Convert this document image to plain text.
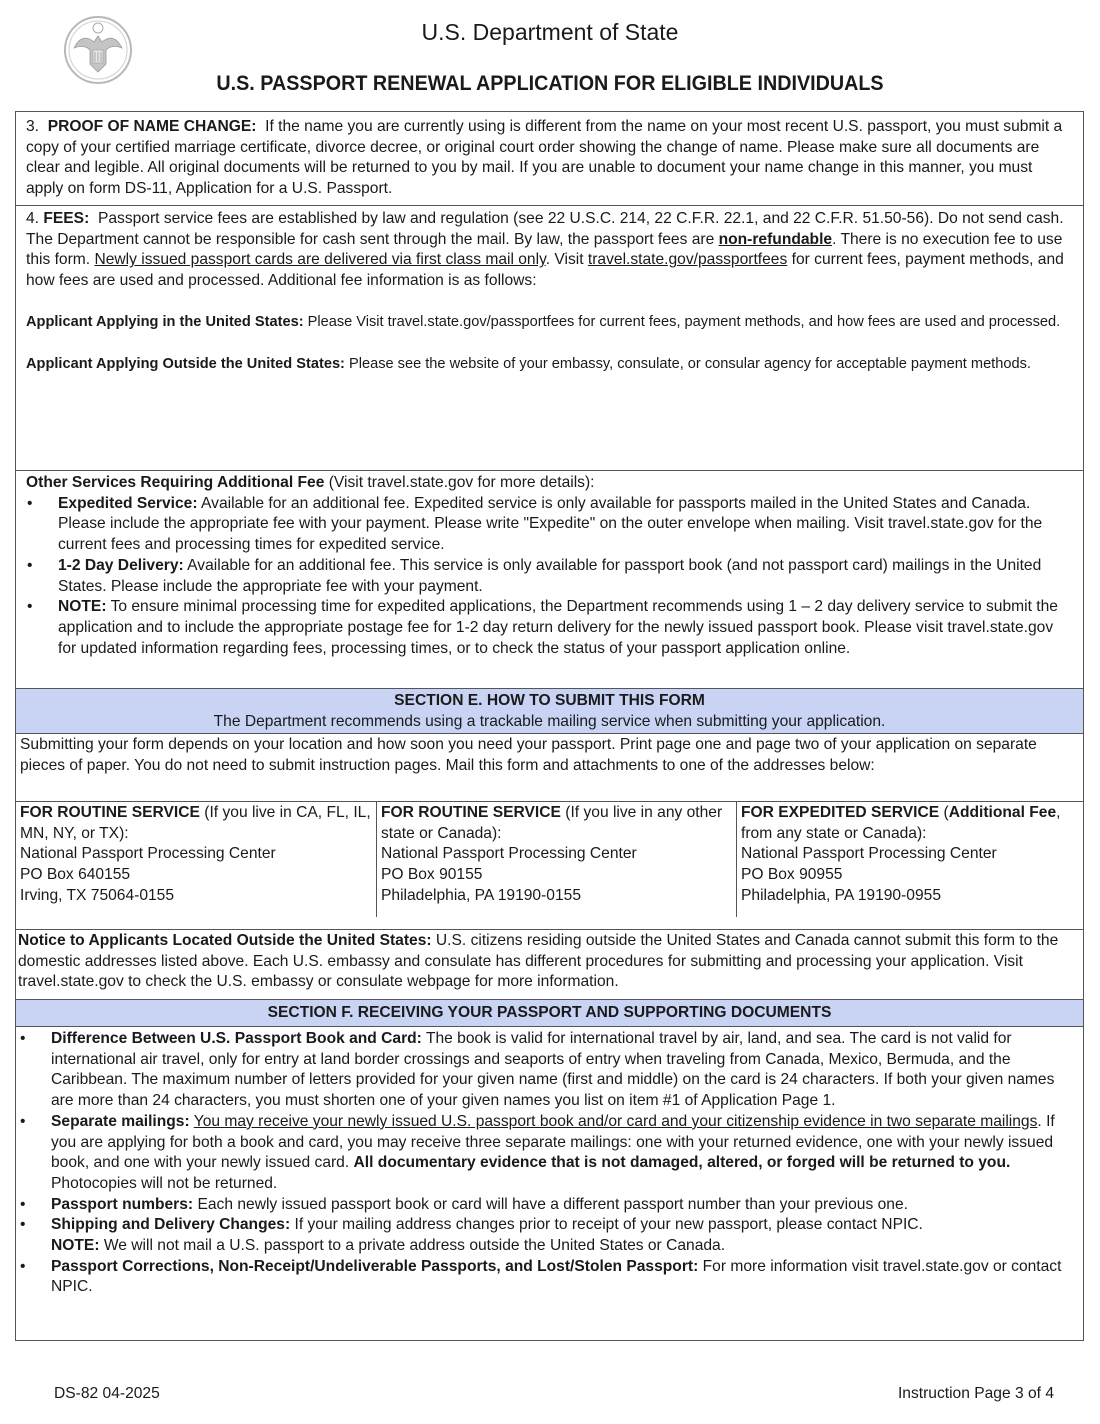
U.S. Department of State
U.S. PASSPORT RENEWAL APPLICATION FOR ELIGIBLE INDIVIDUALS

3. PROOF OF NAME CHANGE: If the name you are currently using is different from the name on your most recent U.S. passport, you must submit a copy of your certified marriage certificate, divorce decree, or original court order showing the change of name. Please make sure all documents are clear and legible. All original documents will be returned to you by mail. If you are unable to document your name change in this manner, you must apply on form DS-11, Application for a U.S. Passport.

4. FEES: Passport service fees are established by law and regulation (see 22 U.S.C. 214, 22 C.F.R. 22.1, and 22 C.F.R. 51.50-56). Do not send cash. The Department cannot be responsible for cash sent through the mail. By law, the passport fees are non-refundable. There is no execution fee to use this form. Newly issued passport cards are delivered via first class mail only. Visit travel.state.gov/passportfees for current fees, payment methods, and how fees are used and processed. Additional fee information is as follows:

Applicant Applying in the United States: Please Visit travel.state.gov/passportfees for current fees, payment methods, and how fees are used and processed.

Applicant Applying Outside the United States: Please see the website of your embassy, consulate, or consular agency for acceptable payment methods.

Other Services Requiring Additional Fee (Visit travel.state.gov for more details):

• Expedited Service: Available for an additional fee. Expedited service is only available for passports mailed in the United States and Canada. Please include the appropriate fee with your payment. Please write "Expedite" on the outer envelope when mailing. Visit travel.state.gov for the current fees and processing times for expedited service.
• 1-2 Day Delivery: Available for an additional fee. This service is only available for passport book (and not passport card) mailings in the United States. Please include the appropriate fee with your payment.
• NOTE: To ensure minimal processing time for expedited applications, the Department recommends using 1 – 2 day delivery service to submit the application and to include the appropriate postage fee for 1-2 day return delivery for the newly issued passport book. Please visit travel.state.gov for updated information regarding fees, processing times, or to check the status of your passport application online.
SECTION E. HOW TO SUBMIT THIS FORM
The Department recommends using a trackable mailing service when submitting your application.

Submitting your form depends on your location and how soon you need your passport. Print page one and page two of your application on separate pieces of paper. You do not need to submit instruction pages. Mail this form and attachments to one of the addresses below:

FOR ROUTINE SERVICE (If you live in CA, FL, IL, MN, NY, or TX):
National Passport Processing Center
PO Box 640155
Irving, TX 75064-0155
FOR ROUTINE SERVICE (If you live in any other state or Canada):
National Passport Processing Center
PO Box 90155
Philadelphia, PA 19190-0155
FOR EXPEDITED SERVICE (Additional Fee, from any state or Canada):
National Passport Processing Center
PO Box 90955
Philadelphia, PA 19190-0955

Notice to Applicants Located Outside the United States: U.S. citizens residing outside the United States and Canada cannot submit this form to the domestic addresses listed above. Each U.S. embassy and consulate has different procedures for submitting and processing your application. Visit travel.state.gov to check the U.S. embassy or consulate webpage for more information.

SECTION F. RECEIVING YOUR PASSPORT AND SUPPORTING DOCUMENTS
• Difference Between U.S. Passport Book and Card: The book is valid for international travel by air, land, and sea. The card is not valid for international air travel, only for entry at land border crossings and seaports of entry when traveling from Canada, Mexico, Bermuda, and the Caribbean. The maximum number of letters provided for your given name (first and middle) on the card is 24 characters. If both your given names are more than 24 characters, you must shorten one of your given names you list on item #1 of Application Page 1.
• Separate mailings: You may receive your newly issued U.S. passport book and/or card and your citizenship evidence in two separate mailings. If you are applying for both a book and card, you may receive three separate mailings: one with your returned evidence, one with your newly issued book, and one with your newly issued card. All documentary evidence that is not damaged, altered, or forged will be returned to you. Photocopies will not be returned.
• Passport numbers: Each newly issued passport book or card will have a different passport number than your previous one.
• Shipping and Delivery Changes: If your mailing address changes prior to receipt of your new passport, please contact NPIC.
NOTE: We will not mail a U.S. passport to a private address outside the United States or Canada.
• Passport Corrections, Non-Receipt/Undeliverable Passports, and Lost/Stolen Passport: For more information visit travel.state.gov or contact NPIC.
DS-82 04-2025	Instruction Page 3 of 4
